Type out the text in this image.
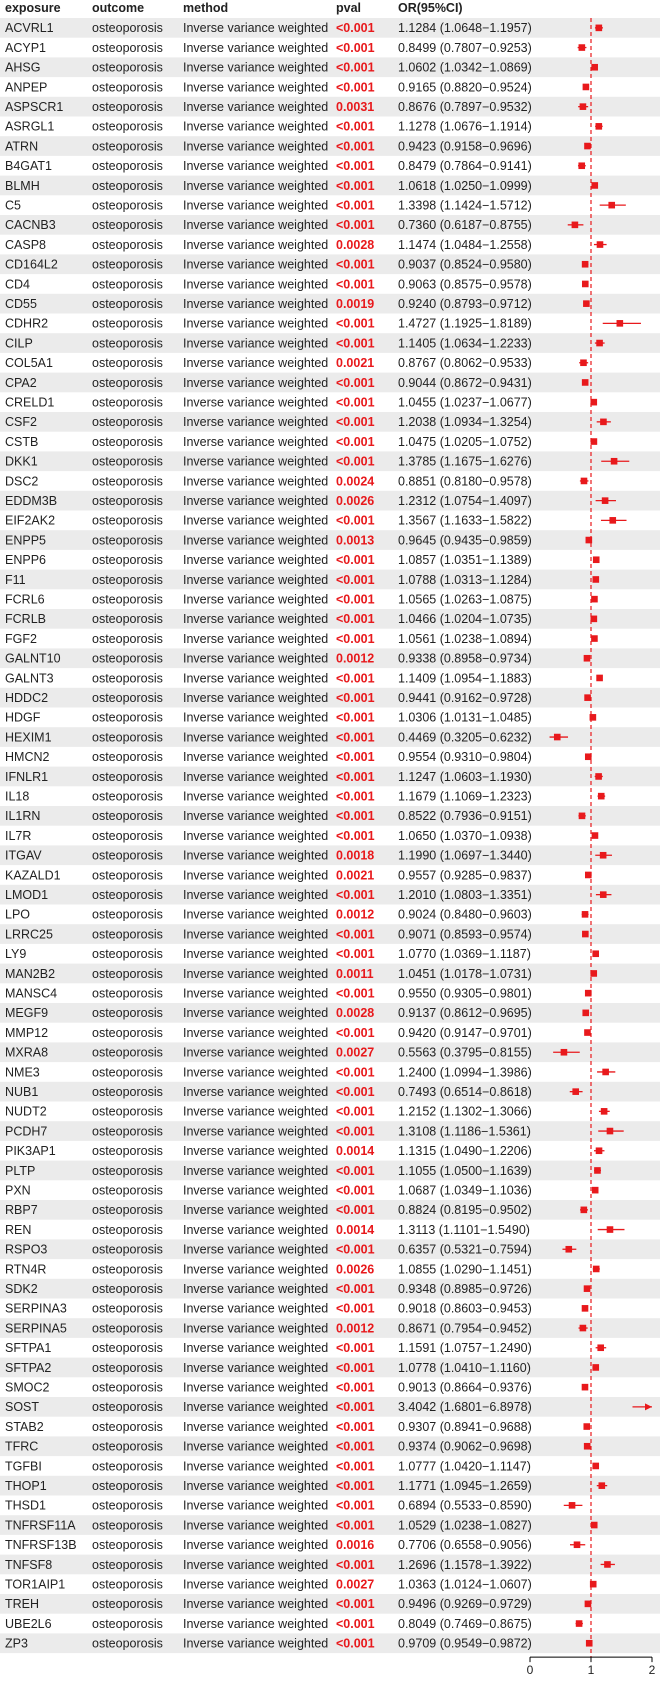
exposure	outcome	method	pval	OR(95%CI)
ACVRL1	osteoporosis Inverse variance weighted <0.001 1.1284 (1.0648−1.1957)
ACYP1	osteoporosis Inverse variance weighted <0.001 0.8499 (0.7807−0.9253)
AHSG	osteoporosis Inverse variance weighted <0.001 1.0602 (1.0342−1.0869)
ANPEP	osteoporosis Inverse variance weighted <0.001 0.9165 (0.8820−0.9524)
ASPSCR1 osteoporosis Inverse variance weighted 0.0031 0.8676 (0.7897−0.9532)
ASRGL1	osteoporosis Inverse variance weighted <0.001 1.1278 (1.0676−1.1914)
ATRN	osteoporosis Inverse variance weighted <0.001 0.9423 (0.9158−0.9696)
B4GAT1	osteoporosis Inverse variance weighted <0.001 0.8479 (0.7864−0.9141)
BLMH	osteoporosis Inverse variance weighted <0.001 1.0618 (1.0250−1.0999)
C5	osteoporosis Inverse variance weighted <0.001 1.3398 (1.1424−1.5712)
CACNB3	osteoporosis Inverse variance weighted <0.001 0.7360 (0.6187−0.8755)
CASP8	osteoporosis Inverse variance weighted 0.0028 1.1474 (1.0484−1.2558)
CD164L2	osteoporosis Inverse variance weighted <0.001 0.9037 (0.8524−0.9580)
CD4	osteoporosis Inverse variance weighted <0.001 0.9063 (0.8575−0.9578)
CD55	osteoporosis Inverse variance weighted 0.0019 0.9240 (0.8793−0.9712)
CDHR2	osteoporosis Inverse variance weighted <0.001 1.4727 (1.1925−1.8189)
CILP	osteoporosis Inverse variance weighted <0.001 1.1405 (1.0634−1.2233)
COL5A1	osteoporosis Inverse variance weighted 0.0021 0.8767 (0.8062−0.9533)
CPA2	osteoporosis Inverse variance weighted <0.001 0.9044 (0.8672−0.9431)
CRELD1	osteoporosis Inverse variance weighted <0.001 1.0455 (1.0237−1.0677)
CSF2	osteoporosis Inverse variance weighted <0.001 1.2038 (1.0934−1.3254)
CSTB	osteoporosis Inverse variance weighted <0.001 1.0475 (1.0205−1.0752)
DKK1	osteoporosis Inverse variance weighted <0.001 1.3785 (1.1675−1.6276)
DSC2	osteoporosis Inverse variance weighted 0.0024 0.8851 (0.8180−0.9578)
EDDM3B	osteoporosis Inverse variance weighted 0.0026 1.2312 (1.0754−1.4097)
EIF2AK2	osteoporosis Inverse variance weighted <0.001 1.3567 (1.1633−1.5822)
ENPP5	osteoporosis Inverse variance weighted 0.0013 0.9645 (0.9435−0.9859)
ENPP6	osteoporosis Inverse variance weighted <0.001 1.0857 (1.0351−1.1389)
F11	osteoporosis Inverse variance weighted <0.001 1.0788 (1.0313−1.1284)
FCRL6	osteoporosis Inverse variance weighted <0.001 1.0565 (1.0263−1.0875)
FCRLB	osteoporosis Inverse variance weighted <0.001 1.0466 (1.0204−1.0735)
FGF2	osteoporosis Inverse variance weighted <0.001 1.0561 (1.0238−1.0894)
GALNT10	osteoporosis Inverse variance weighted 0.0012 0.9338 (0.8958−0.9734)
GALNT3	osteoporosis Inverse variance weighted <0.001 1.1409 (1.0954−1.1883)
HDDC2	osteoporosis Inverse variance weighted <0.001 0.9441 (0.9162−0.9728)
HDGF	osteoporosis Inverse variance weighted <0.001 1.0306 (1.0131−1.0485)
HEXIM1	osteoporosis Inverse variance weighted <0.001 0.4469 (0.3205−0.6232)
HMCN2	osteoporosis Inverse variance weighted <0.001 0.9554 (0.9310−0.9804)
IFNLR1	osteoporosis Inverse variance weighted <0.001 1.1247 (1.0603−1.1930)
IL18	osteoporosis Inverse variance weighted <0.001 1.1679 (1.1069−1.2323)
IL1RN	osteoporosis Inverse variance weighted <0.001 0.8522 (0.7936−0.9151)
IL7R	osteoporosis Inverse variance weighted <0.001 1.0650 (1.0370−1.0938)
ITGAV	osteoporosis Inverse variance weighted 0.0018 1.1990 (1.0697−1.3440)
KAZALD1	osteoporosis Inverse variance weighted 0.0021 0.9557 (0.9285−0.9837)
LMOD1	osteoporosis Inverse variance weighted <0.001 1.2010 (1.0803−1.3351)
LPO	osteoporosis Inverse variance weighted 0.0012 0.9024 (0.8480−0.9603)
LRRC25	osteoporosis Inverse variance weighted <0.001 0.9071 (0.8593−0.9574)
LY9	osteoporosis Inverse variance weighted <0.001 1.0770 (1.0369−1.1187)
MAN2B2	osteoporosis Inverse variance weighted 0.0011 1.0451 (1.0178−1.0731)
MANSC4	osteoporosis Inverse variance weighted <0.001 0.9550 (0.9305−0.9801)
MEGF9	osteoporosis Inverse variance weighted 0.0028 0.9137 (0.8612−0.9695)
MMP12	osteoporosis Inverse variance weighted <0.001 0.9420 (0.9147−0.9701)
MXRA8	osteoporosis Inverse variance weighted 0.0027 0.5563 (0.3795−0.8155)
NME3	osteoporosis Inverse variance weighted <0.001 1.2400 (1.0994−1.3986)
NUB1	osteoporosis Inverse variance weighted <0.001 0.7493 (0.6514−0.8618)
NUDT2	osteoporosis Inverse variance weighted <0.001 1.2152 (1.1302−1.3066)
PCDH7	osteoporosis Inverse variance weighted <0.001 1.3108 (1.1186−1.5361)
PIK3AP1	osteoporosis Inverse variance weighted 0.0014 1.1315 (1.0490−1.2206)
PLTP	osteoporosis Inverse variance weighted <0.001 1.1055 (1.0500−1.1639)
PXN	osteoporosis Inverse variance weighted <0.001 1.0687 (1.0349−1.1036)
RBP7	osteoporosis Inverse variance weighted <0.001 0.8824 (0.8195−0.9502)
REN	osteoporosis Inverse variance weighted 0.0014 1.3113 (1.1101−1.5490)
RSPO3	osteoporosis Inverse variance weighted <0.001 0.6357 (0.5321−0.7594)
RTN4R	osteoporosis Inverse variance weighted 0.0026 1.0855 (1.0290−1.1451)
SDK2	osteoporosis Inverse variance weighted <0.001 0.9348 (0.8985−0.9726)
SERPINA3 osteoporosis Inverse variance weighted <0.001 0.9018 (0.8603−0.9453)
SERPINA5 osteoporosis Inverse variance weighted 0.0012 0.8671 (0.7954−0.9452)
SFTPA1	osteoporosis Inverse variance weighted <0.001 1.1591 (1.0757−1.2490)
SFTPA2	osteoporosis Inverse variance weighted <0.001 1.0778 (1.0410−1.1160)
SMOC2	osteoporosis Inverse variance weighted <0.001 0.9013 (0.8664−0.9376)
SOST	osteoporosis Inverse variance weighted <0.001 3.4042 (1.6801−6.8978)
STAB2	osteoporosis Inverse variance weighted <0.001 0.9307 (0.8941−0.9688)
TFRC	osteoporosis Inverse variance weighted <0.001 0.9374 (0.9062−0.9698)
TGFBI	osteoporosis Inverse variance weighted <0.001 1.0777 (1.0420−1.1147)
THOP1	osteoporosis Inverse variance weighted <0.001 1.1771 (1.0945−1.2659)
THSD1	osteoporosis Inverse variance weighted <0.001 0.6894 (0.5533−0.8590)
TNFRSF11A osteoporosis Inverse variance weighted <0.001 1.0529 (1.0238−1.0827)
TNFRSF13B osteoporosis Inverse variance weighted 0.0016 0.7706 (0.6558−0.9056)
TNFSF8	osteoporosis Inverse variance weighted <0.001 1.2696 (1.1578−1.3922)
TOR1AIP1 osteoporosis Inverse variance weighted 0.0027 1.0363 (1.0124−1.0607)
TREH	osteoporosis Inverse variance weighted <0.001 0.9496 (0.9269−0.9729)
UBE2L6	osteoporosis Inverse variance weighted <0.001 0.8049 (0.7469−0.8675)
ZP3	osteoporosis Inverse variance weighted <0.001 0.9709 (0.9549−0.9872)
0	1	2
